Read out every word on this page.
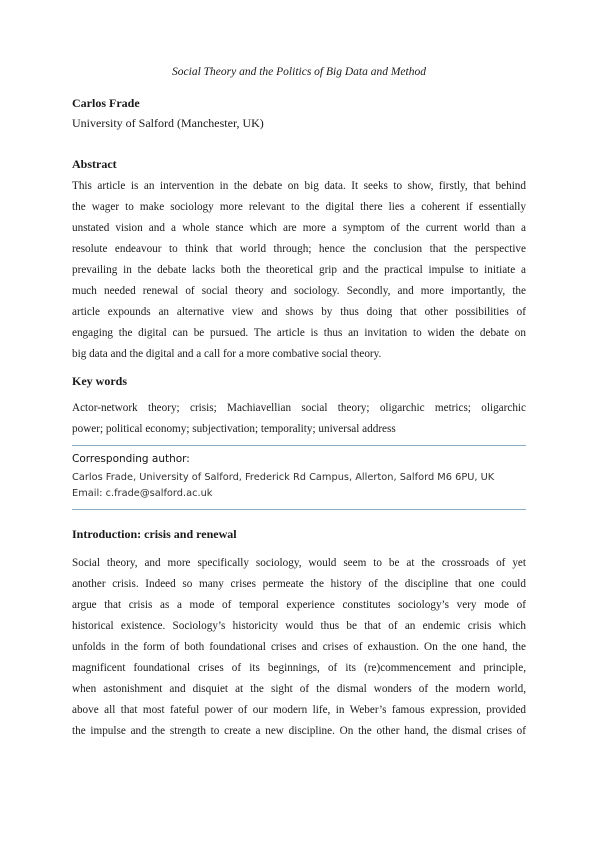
Social Theory and the Politics of Big Data and Method
Carlos Frade
University of Salford (Manchester, UK)
Abstract
This article is an intervention in the debate on big data. It seeks to show, firstly, that behind
the wager to make sociology more relevant to the digital there lies a coherent if essentially
unstated vision and a whole stance which are more a symptom of the current world than a
resolute endeavour to think that world through; hence the conclusion that the perspective
prevailing in the debate lacks both the theoretical grip and the practical impulse to initiate a
much needed renewal of social theory and sociology. Secondly, and more importantly, the
article expounds an alternative view and shows by thus doing that other possibilities of
engaging the digital can be pursued. The article is thus an invitation to widen the debate on
big data and the digital and a call for a more combative social theory.
Key words
Actor-network theory; crisis; Machiavellian social theory; oligarchic metrics; oligarchic
power; political economy; subjectivation; temporality; universal address
Corresponding author:
Carlos Frade, University of Salford, Frederick Rd Campus, Allerton, Salford M6 6PU, UK
Email: c.frade@salford.ac.uk
Introduction: crisis and renewal
Social theory, and more specifically sociology, would seem to be at the crossroads of yet
another crisis. Indeed so many crises permeate the history of the discipline that one could
argue that crisis as a mode of temporal experience constitutes sociology’s very mode of
historical existence. Sociology’s historicity would thus be that of an endemic crisis which
unfolds in the form of both foundational crises and crises of exhaustion. On the one hand, the
magnificent foundational crises of its beginnings, of its (re)commencement and principle,
when astonishment and disquiet at the sight of the dismal wonders of the modern world,
above all that most fateful power of our modern life, in Weber’s famous expression, provided
the impulse and the strength to create a new discipline. On the other hand, the dismal crises of
